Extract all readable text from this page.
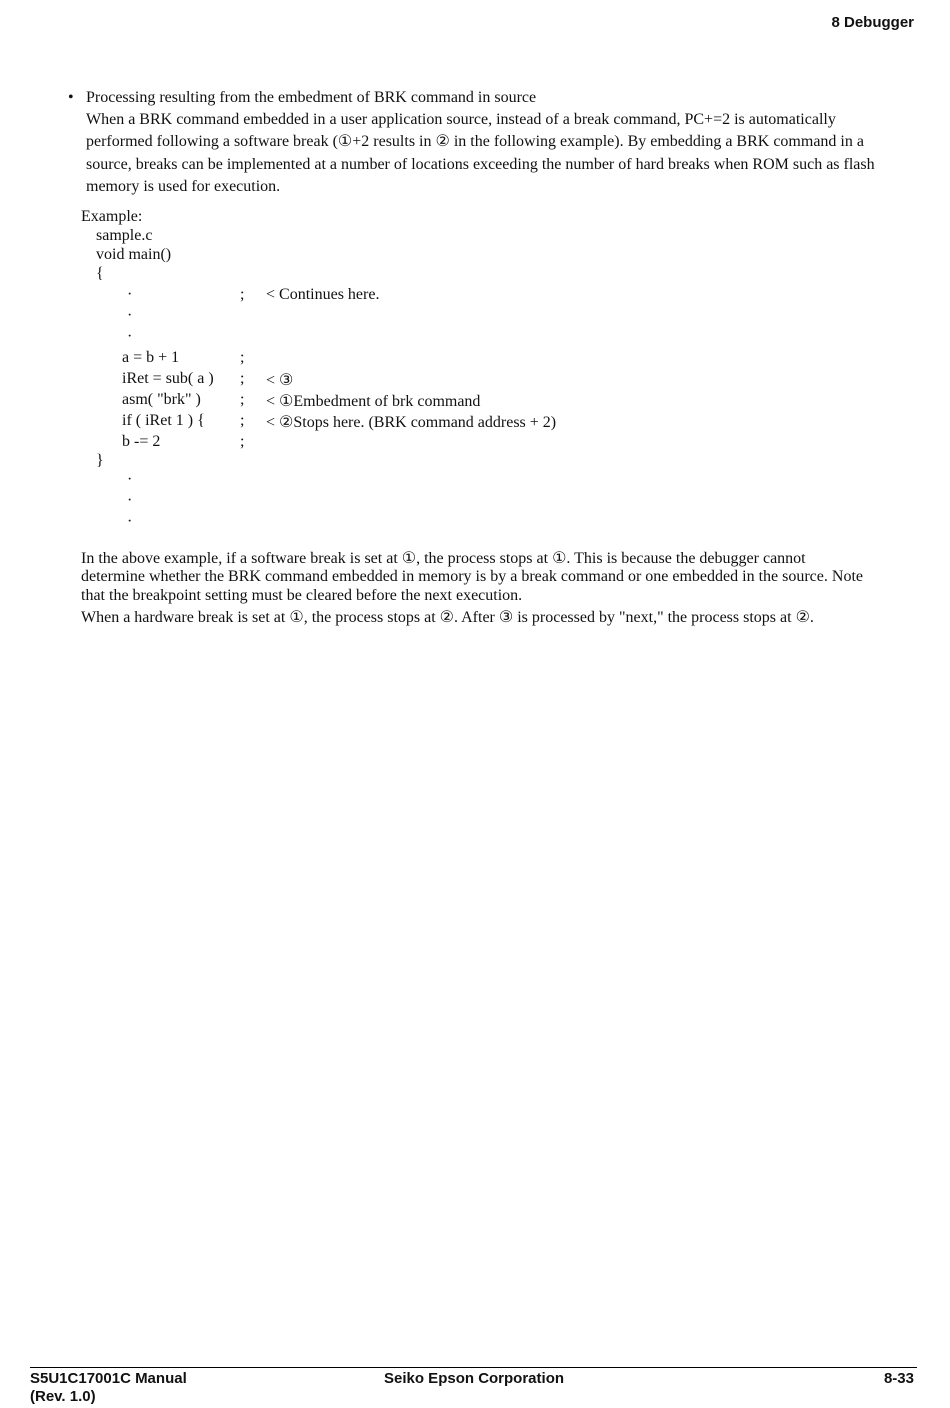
8 Debugger
• Processing resulting from the embedment of BRK command in source
When a BRK command embedded in a user application source, instead of a break command, PC+=2 is automatically
performed following a software break (①+2 results in ② in the following example). By embedding a BRK command in a
source, breaks can be implemented at a number of locations exceeding the number of hard breaks when ROM such as flash
memory is used for execution.
Example:
sample.c
void main()
{
·	; < Continues here.
·
·
a = b + 1	;
iRet = sub( a ) ; < ③
asm( "brk" ) ; < ①Embedment of brk command
if ( iRet 1 ) { ; < ②Stops here. (BRK command address + 2)
b -= 2	;
}
·
·
·
In the above example, if a software break is set at ①, the process stops at ①. This is because the debugger cannot
determine whether the BRK command embedded in memory is by a break command or one embedded in the source. Note
that the breakpoint setting must be cleared before the next execution.
When a hardware break is set at ①, the process stops at ②. After ③ is processed by "next," the process stops at ②.
S5U1C17001C Manual
(Rev. 1.0)
Seiko Epson Corporation	8-33
